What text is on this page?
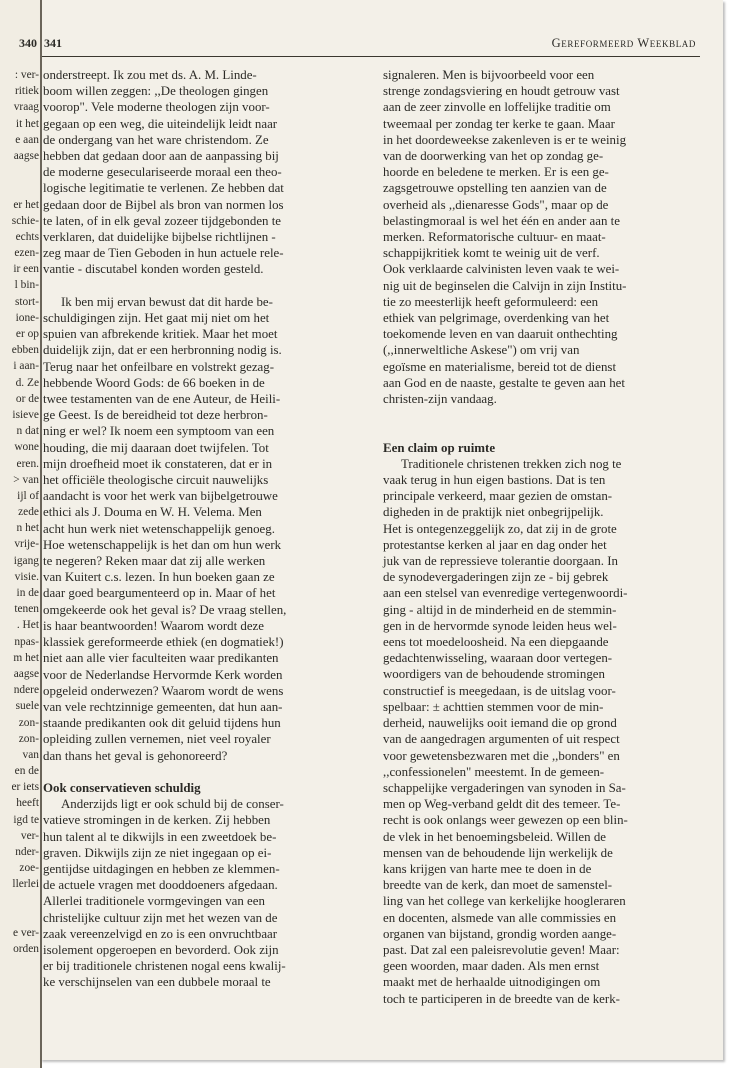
340
: ver-
ritiek
vraag
it het
e aan
aagse
er het
schie-
echts
ezen-
ir een
l bin-
stort-
ione-
er op
ebben
i aan-
d. Ze
or de
isieve
n dat
wone
eren.
> van
ijl of
zede
n het
vrije-
igang
visie.
in de
tenen
. Het
npas-
m het
aagse
ndere
suele
zon-
zon-
van
en de
er iets
heeft
igd te
ver-
nder-
zoe-
llerlei
e ver-
orden
341	Gereformeerd Weekblad

onderstreept. Ik zou met ds. A. M. Linde-
boom willen zeggen: ,,De theologen gingen
voorop". Vele moderne theologen zijn voor-
gegaan op een weg, die uiteindelijk leidt naar
de ondergang van het ware christendom. Ze
hebben dat gedaan door aan de aanpassing bij
de moderne geseculariseerde moraal een theo-
logische legitimatie te verlenen. Ze hebben dat
gedaan door de Bijbel als bron van normen los
te laten, of in elk geval zozeer tijdgebonden te
verklaren, dat duidelijke bijbelse richtlijnen -
zeg maar de Tien Geboden in hun actuele rele-
vantie - discutabel konden worden gesteld.

Ik ben mij ervan bewust dat dit harde be-
schuldigingen zijn. Het gaat mij niet om het
spuien van afbrekende kritiek. Maar het moet
duidelijk zijn, dat er een herbronning nodig is.
Terug naar het onfeilbare en volstrekt gezag-
hebbende Woord Gods: de 66 boeken in de
twee testamenten van de ene Auteur, de Heili-
ge Geest. Is de bereidheid tot deze herbron-
ning er wel? Ik noem een symptoom van een
houding, die mij daaraan doet twijfelen. Tot
mijn droefheid moet ik constateren, dat er in
het officiële theologische circuit nauwelijks
aandacht is voor het werk van bijbelgetrouwe
ethici als J. Douma en W. H. Velema. Men
acht hun werk niet wetenschappelijk genoeg.
Hoe wetenschappelijk is het dan om hun werk
te negeren? Reken maar dat zij alle werken
van Kuitert c.s. lezen. In hun boeken gaan ze
daar goed beargumenteerd op in. Maar of het
omgekeerde ook het geval is? De vraag stellen,
is haar beantwoorden! Waarom wordt deze
klassiek gereformeerde ethiek (en dogmatiek!)
niet aan alle vier faculteiten waar predikanten
voor de Nederlandse Hervormde Kerk worden
opgeleid onderwezen? Waarom wordt de wens
van vele rechtzinnige gemeenten, dat hun aan-
staande predikanten ook dit geluid tijdens hun
opleiding zullen vernemen, niet veel royaler
dan thans het geval is gehonoreerd?

Ook conservatieven schuldig

Anderzijds ligt er ook schuld bij de conser-
vatieve stromingen in de kerken. Zij hebben
hun talent al te dikwijls in een zweetdoek be-
graven. Dikwijls zijn ze niet ingegaan op ei-
gentijdse uitdagingen en hebben ze klemmen-
de actuele vragen met dooddoeners afgedaan.
Allerlei traditionele vormgevingen van een
christelijke cultuur zijn met het wezen van de
zaak vereenzelvigd en zo is een onvruchtbaar
isolement opgeroepen en bevorderd. Ook zijn
er bij traditionele christenen nogal eens kwalij-
ke verschijnselen van een dubbele moraal te

signaleren. Men is bijvoorbeeld voor een
strenge zondagsviering en houdt getrouw vast
aan de zeer zinvolle en loffelijke traditie om
tweemaal per zondag ter kerke te gaan. Maar
in het doordeweekse zakenleven is er te weinig
van de doorwerking van het op zondag ge-
hoorde en beledene te merken. Er is een ge-
zagsgetrouwe opstelling ten aanzien van de
overheid als ,,dienaresse Gods", maar op de
belastingmoraal is wel het één en ander aan te
merken. Reformatorische cultuur- en maat-
schappijkritiek komt te weinig uit de verf.
Ook verklaarde calvinisten leven vaak te wei-
nig uit de beginselen die Calvijn in zijn Institu-
tie zo meesterlijk heeft geformuleerd: een
ethiek van pelgrimage, overdenking van het
toekomende leven en van daaruit onthechting
(,,innerweltliche Askese") om vrij van
egoïsme en materialisme, bereid tot de dienst
aan God en de naaste, gestalte te geven aan het
christen-zijn vandaag.

Een claim op ruimte

Traditionele christenen trekken zich nog te
vaak terug in hun eigen bastions. Dat is ten
principale verkeerd, maar gezien de omstan-
digheden in de praktijk niet onbegrijpelijk.
Het is ontegenzeggelijk zo, dat zij in de grote
protestantse kerken al jaar en dag onder het
juk van de repressieve tolerantie doorgaan. In
de synodevergaderingen zijn ze - bij gebrek
aan een stelsel van evenredige vertegenwoordi-
ging - altijd in de minderheid en de stemmin-
gen in de hervormde synode leiden heus wel-
eens tot moedeloosheid. Na een diepgaande
gedachtenwisseling, waaraan door vertegen-
woordigers van de behoudende stromingen
constructief is meegedaan, is de uitslag voor-
spelbaar: ± achttien stemmen voor de min-
derheid, nauwelijks ooit iemand die op grond
van de aangedragen argumenten of uit respect
voor gewetensbezwaren met die ,,bonders" en
,,confessionelen" meestemt. In de gemeen-
schappelijke vergaderingen van synoden in Sa-
men op Weg-verband geldt dit des temeer. Te-
recht is ook onlangs weer gewezen op een blin-
de vlek in het benoemingsbeleid. Willen de
mensen van de behoudende lijn werkelijk de
kans krijgen van harte mee te doen in de
breedte van de kerk, dan moet de samenstel-
ling van het college van kerkelijke hoogleraren
en docenten, alsmede van alle commissies en
organen van bijstand, grondig worden aange-
past. Dat zal een paleisrevolutie geven! Maar:
geen woorden, maar daden. Als men ernst
maakt met de herhaalde uitnodigingen om
toch te participeren in de breedte van de kerk-
